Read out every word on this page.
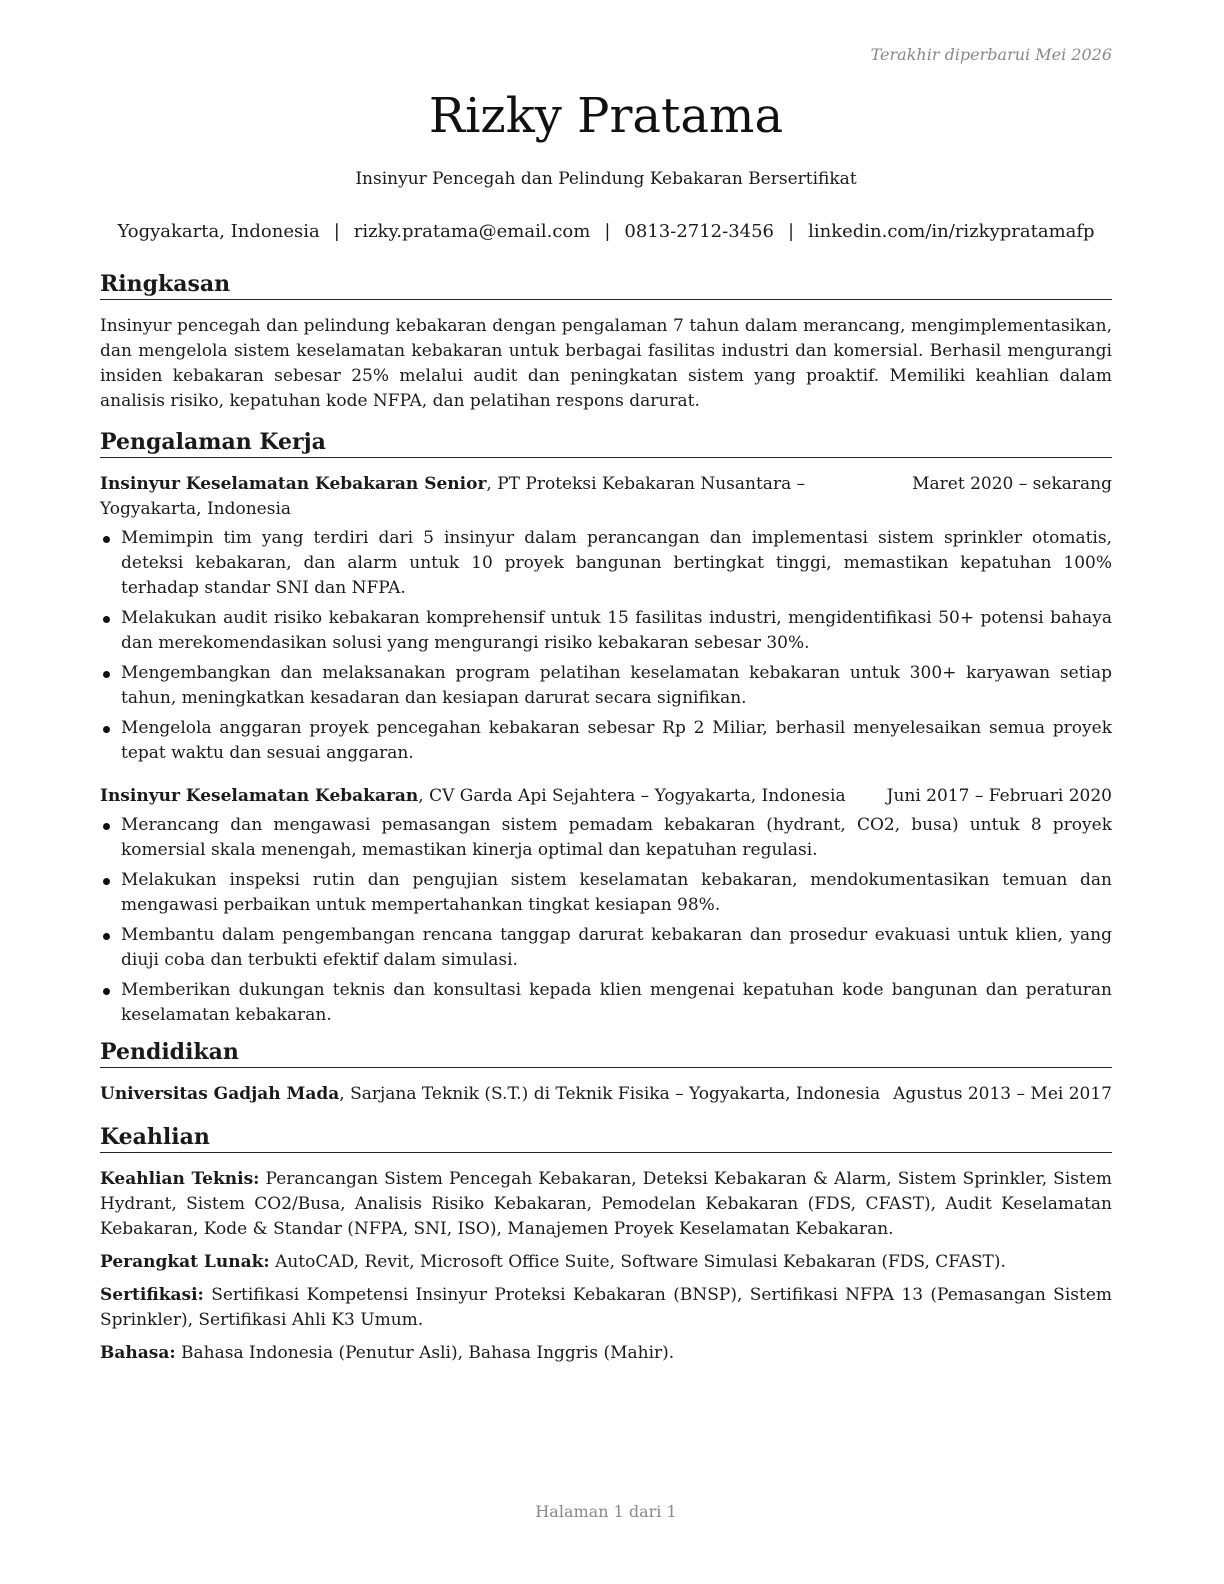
Terakhir diperbarui Mei 2026
Rizky Pratama
Insinyur Pencegah dan Pelindung Kebakaran Bersertifikat
Yogyakarta, Indonesia | rizky.pratama@email.com | 0813-2712-3456 | linkedin.com/in/rizkypratamafp
Ringkasan

Insinyur pencegah dan pelindung kebakaran dengan pengalaman 7 tahun dalam merancang, mengimplementasikan, dan mengelola sistem keselamatan kebakaran untuk berbagai fasilitas industri dan komersial. Berhasil mengurangi insiden kebakaran sebesar 25% melalui audit dan peningkatan sistem yang proaktif. Memiliki keahlian dalam analisis risiko, kepatuhan kode NFPA, dan pelatihan respons darurat.

Pengalaman Kerja
Insinyur Keselamatan Kebakaran Senior, PT Proteksi Kebakaran Nusantara – Yogyakarta, Indonesia
Maret 2020 – sekarang
Memimpin tim yang terdiri dari 5 insinyur dalam perancangan dan implementasi sistem sprinkler otomatis, deteksi kebakaran, dan alarm untuk 10 proyek bangunan bertingkat tinggi, memastikan kepatuhan 100% terhadap standar SNI dan NFPA.
Melakukan audit risiko kebakaran komprehensif untuk 15 fasilitas industri, mengidentifikasi 50+ potensi bahaya dan merekomendasikan solusi yang mengurangi risiko kebakaran sebesar 30%.
Mengembangkan dan melaksanakan program pelatihan keselamatan kebakaran untuk 300+ karyawan setiap tahun, meningkatkan kesadaran dan kesiapan darurat secara signifikan.
Mengelola anggaran proyek pencegahan kebakaran sebesar Rp 2 Miliar, berhasil menyelesaikan semua proyek tepat waktu dan sesuai anggaran.
Insinyur Keselamatan Kebakaran, CV Garda Api Sejahtera – Yogyakarta, Indonesia	Juni 2017 – Februari 2020
Merancang dan mengawasi pemasangan sistem pemadam kebakaran (hydrant, CO2, busa) untuk 8 proyek komersial skala menengah, memastikan kinerja optimal dan kepatuhan regulasi.
Melakukan inspeksi rutin dan pengujian sistem keselamatan kebakaran, mendokumentasikan temuan dan mengawasi perbaikan untuk mempertahankan tingkat kesiapan 98%.
Membantu dalam pengembangan rencana tanggap darurat kebakaran dan prosedur evakuasi untuk klien, yang diuji coba dan terbukti efektif dalam simulasi.
Memberikan dukungan teknis dan konsultasi kepada klien mengenai kepatuhan kode bangunan dan peraturan keselamatan kebakaran.
Pendidikan
Universitas Gadjah Mada, Sarjana Teknik (S.T.) di Teknik Fisika – Yogyakarta, Indonesia Agustus 2013 – Mei 2017
Keahlian

Keahlian Teknis: Perancangan Sistem Pencegah Kebakaran, Deteksi Kebakaran & Alarm, Sistem Sprinkler, Sistem Hydrant, Sistem CO2/Busa, Analisis Risiko Kebakaran, Pemodelan Kebakaran (FDS, CFAST), Audit Keselamatan Kebakaran, Kode & Standar (NFPA, SNI, ISO), Manajemen Proyek Keselamatan Kebakaran.

Perangkat Lunak: AutoCAD, Revit, Microsoft Office Suite, Software Simulasi Kebakaran (FDS, CFAST).

Sertifikasi: Sertifikasi Kompetensi Insinyur Proteksi Kebakaran (BNSP), Sertifikasi NFPA 13 (Pemasangan Sistem Sprinkler), Sertifikasi Ahli K3 Umum.

Bahasa: Bahasa Indonesia (Penutur Asli), Bahasa Inggris (Mahir).

Halaman 1 dari 1
